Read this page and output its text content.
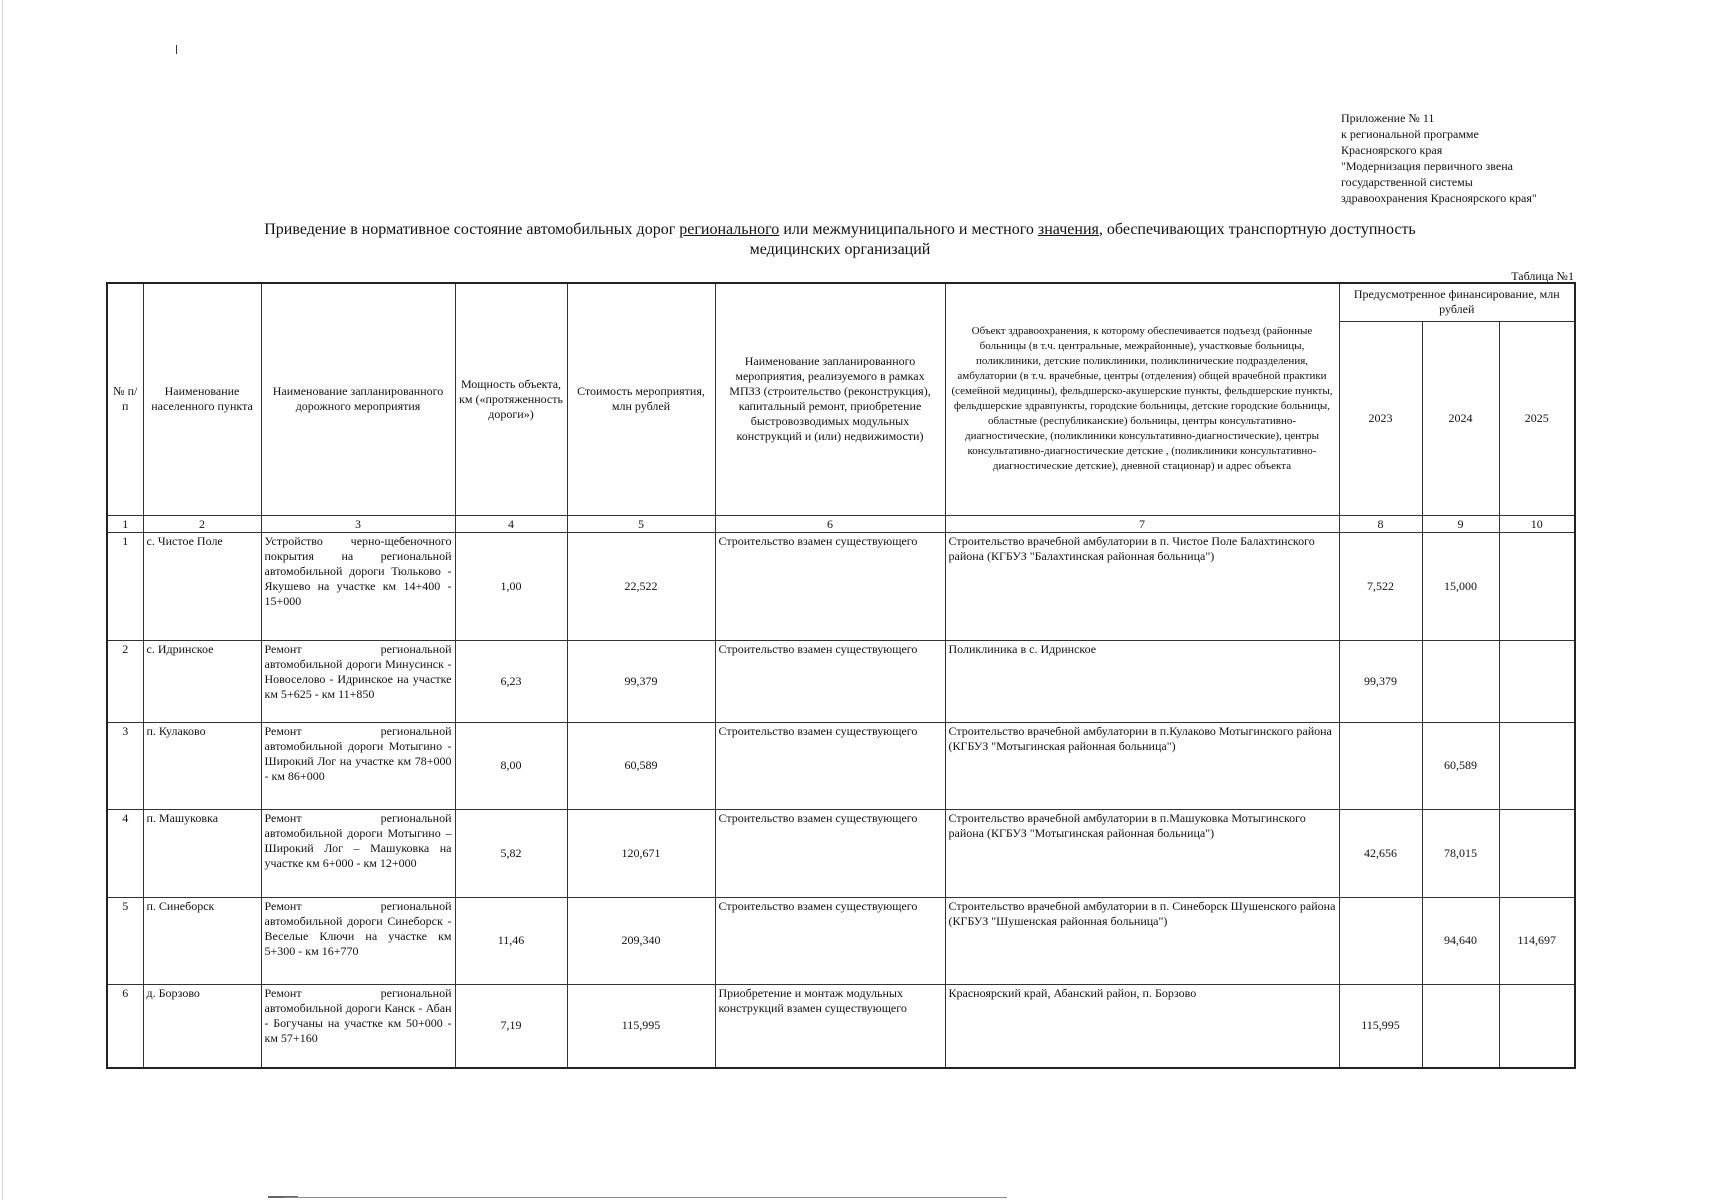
Приложение № 11
к региональной программе
Красноярского края
"Модернизация первичного звена
государственной системы
здравоохранения Красноярского края"
Приведение в нормативное состояние автомобильных дорог регионального или межмуниципального и местного значения, обеспечивающих транспортную доступность
медицинских организаций
Таблица №1
№ п/п	Наименование населенного пункта	Наименование запланированного дорожного мероприятия	Мощность объекта, км («протяженность дороги»)	Стоимость мероприятия, млн рублей	Наименование запланированного мероприятия, реализуемого в рамках МПЗЗ (строительство (реконструкция), капитальный ремонт, приобретение быстровозводимых модульных конструкций и (или) недвижимости)	Объект здравоохранения, к которому обеспечивается подъезд (районные больницы (в т.ч. центральные, межрайонные), участковые больницы, поликлиники, детские поликлиники, поликлинические подразделения, амбулатории (в т.ч. врачебные, центры (отделения) общей врачебной практики (семейной медицины), фельдшерско-акушерские пункты, фельдшерские пункты, фельдшерские здравпункты, городские больницы, детские городские больницы, областные (республиканские) больницы, центры консультативно-диагностические, (поликлиники консультативно-диагностические), центры консультативно-диагностические детские , (поликлиники консультативно-диагностические детские), дневной стационар) и адрес объекта	Предусмотренное финансирование, млн рублей		
							2023	2024	2025
1	2	3	4	5	6	7	8	9	10
1	с. Чистое Поле	Устройство черно-щебеночного покрытия на региональной автомобильной дороги Тюльково - Якушево на участке км 14+400 - 15+000	1,00	22,522	Строительство взамен существующего	Строительство врачебной амбулатории в п. Чистое Поле Балахтинского района (КГБУЗ "Балахтинская районная больница")	7,522	15,000	
2	с. Идринское	Ремонт региональной автомобильной дороги Минусинск - Новоселово - Идринское на участке км 5+625 - км 11+850	6,23	99,379	Строительство взамен существующего	Поликлиника в с. Идринское	99,379		
3	п. Кулаково	Ремонт региональной автомобильной дороги Мотыгино - Широкий Лог на участке км 78+000 - км 86+000	8,00	60,589	Строительство взамен существующего	Строительство врачебной амбулатории в п.Кулаково Мотыгинского района (КГБУЗ "Мотыгинская районная больница")		60,589	
4	п. Машуковка	Ремонт региональной автомобильной дороги Мотыгино – Широкий Лог – Машуковка на участке км 6+000 - км 12+000	5,82	120,671	Строительство взамен существующего	Строительство врачебной амбулатории в п.Машуковка Мотыгинского района (КГБУЗ "Мотыгинская районная больница")	42,656	78,015	
5	п. Синеборск	Ремонт региональной автомобильной дороги Синеборск - Веселые Ключи на участке км 5+300 - км 16+770	11,46	209,340	Строительство взамен существующего	Строительство врачебной амбулатории в п. Синеборск Шушенского района (КГБУЗ "Шушенская районная больница")		94,640	114,697
6	д. Борзово	Ремонт региональной автомобильной дороги Канск - Абан - Богучаны на участке км 50+000 - км 57+160	7,19	115,995	Приобретение и монтаж модульных конструкций взамен существующего	Красноярский край, Абанский район, п. Борзово	115,995		
